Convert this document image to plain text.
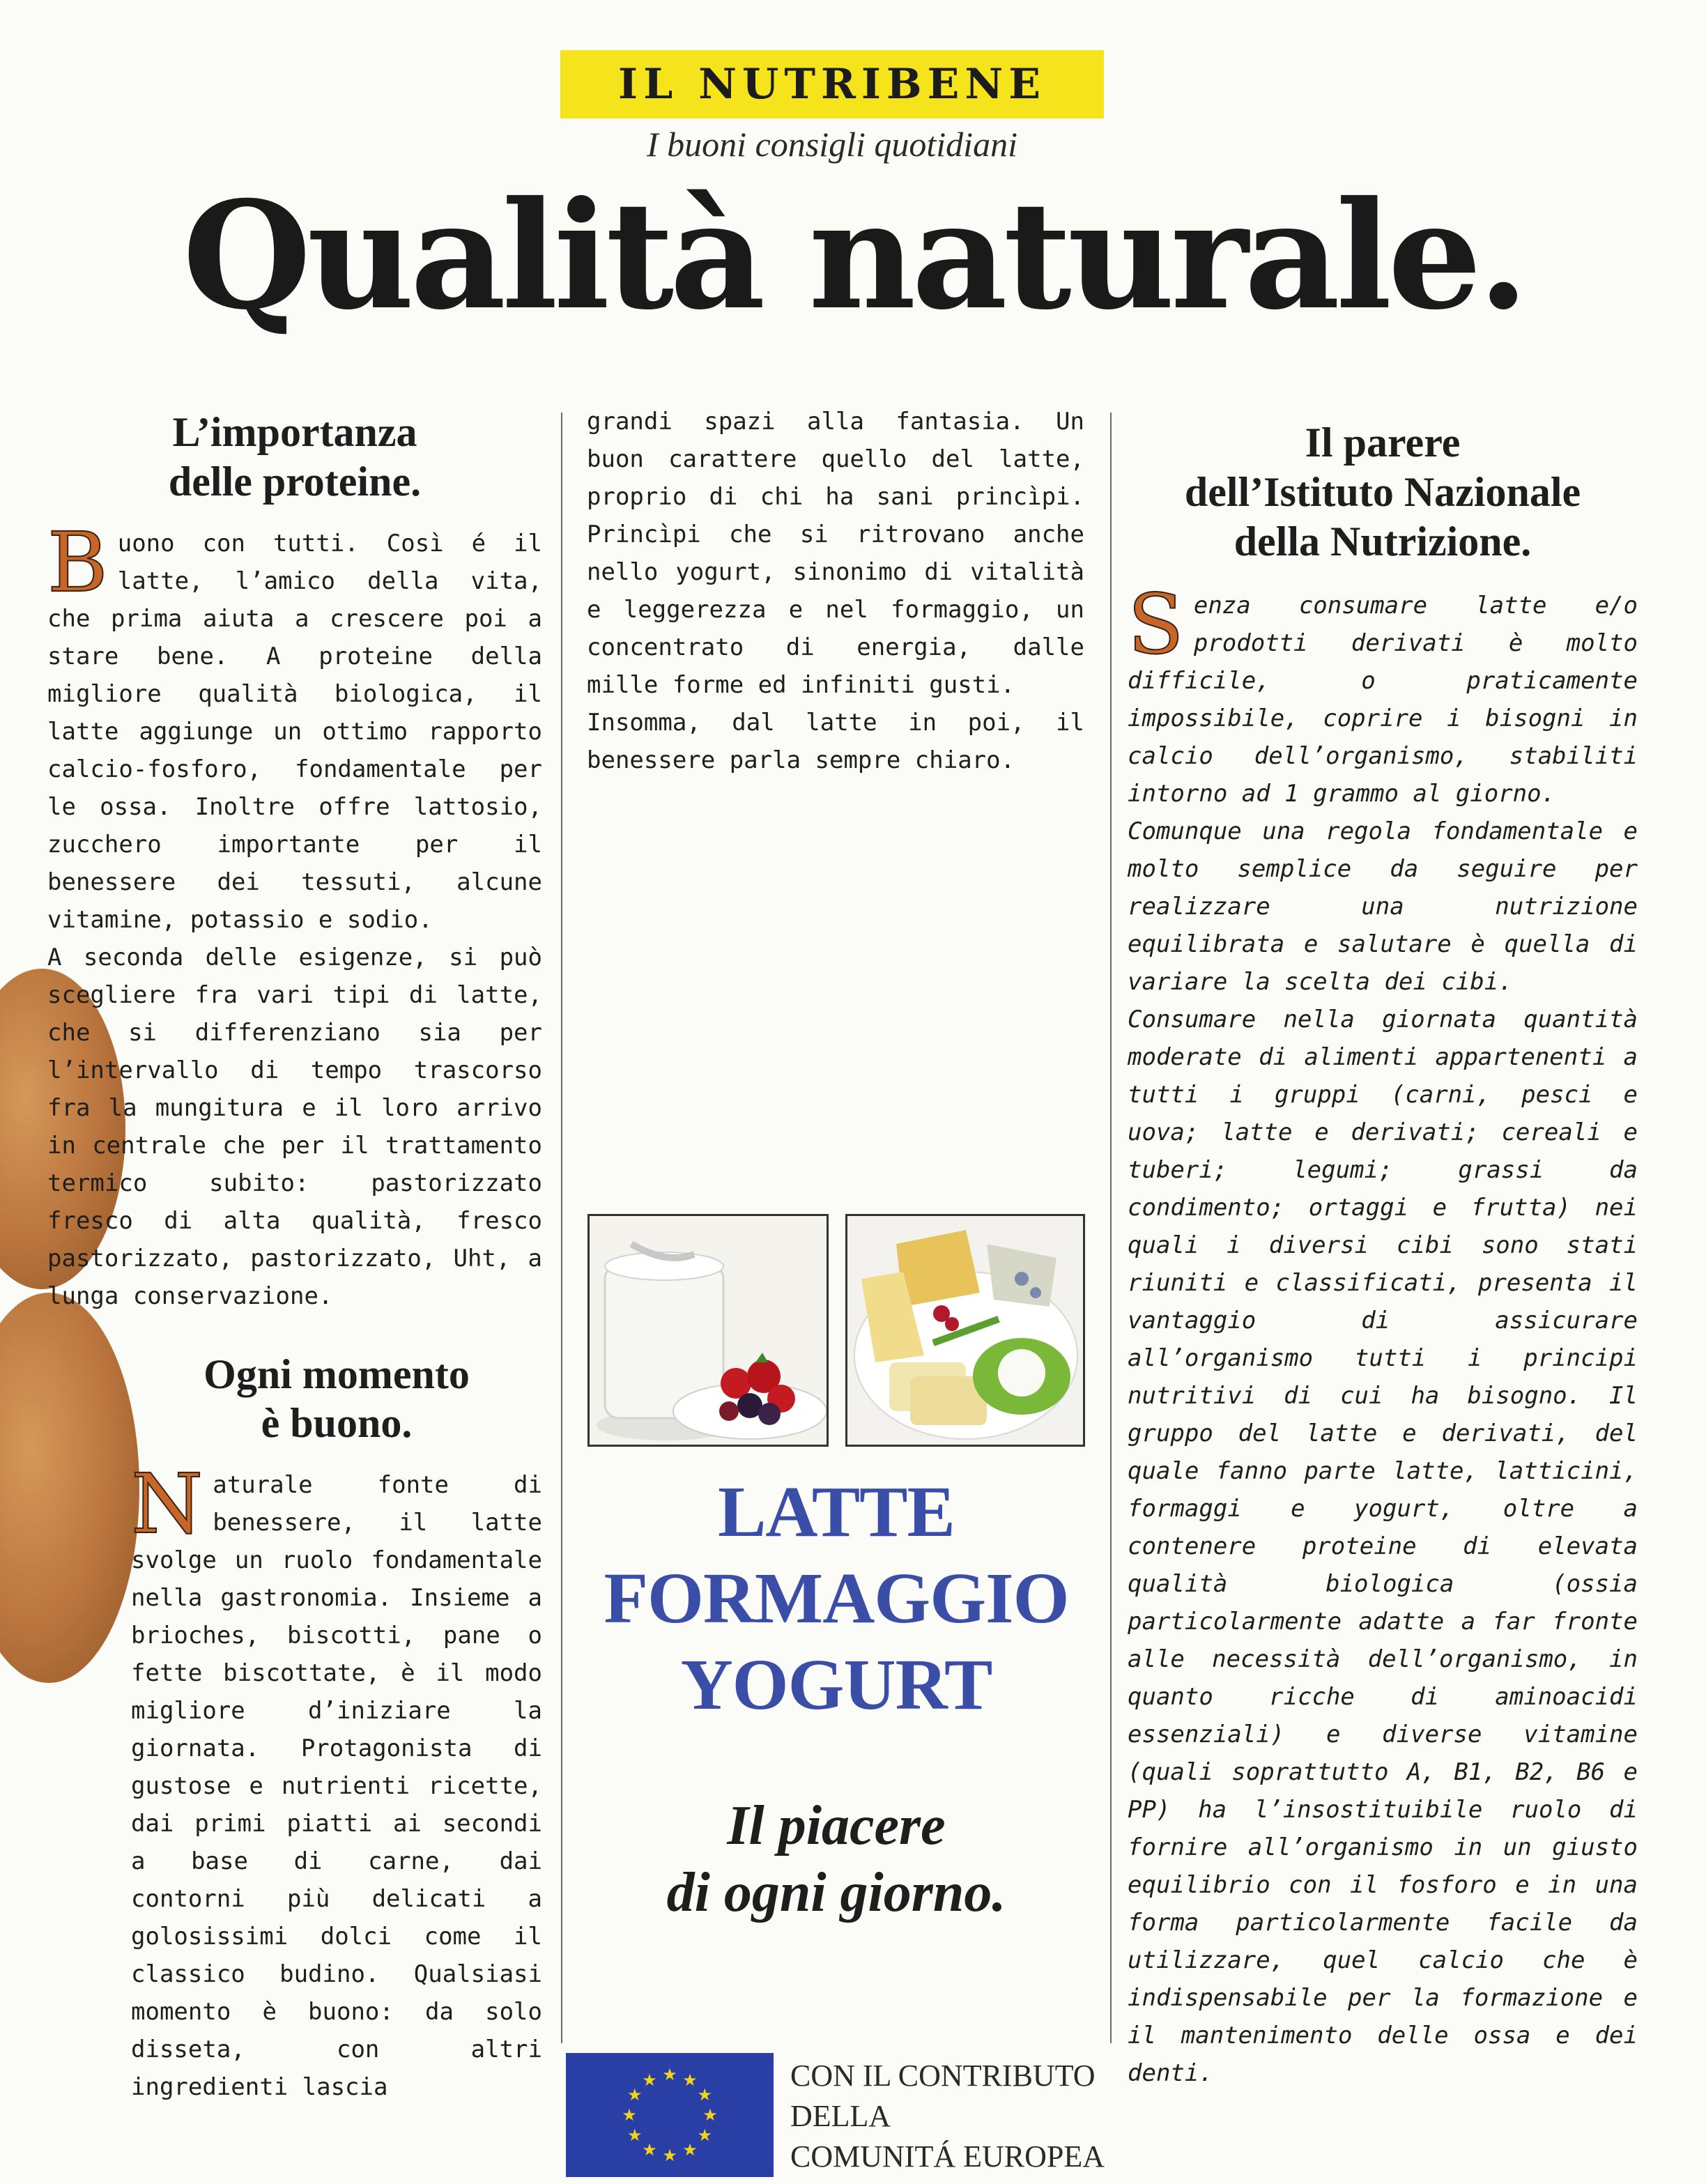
IL NUTRIBENE
I buoni consigli quotidiani
Qualità naturale.
L’importanza
delle proteine.

Buono con tutti. Così é il latte, l’amico della vita, che prima aiuta a crescere poi a stare bene. A proteine della migliore qualità biologica, il latte aggiunge un ottimo rapporto calcio-fosforo, fondamentale per le ossa. Inoltre offre lattosio, zucchero importante per il benessere dei tessuti, alcune vitamine, potassio e sodio.

A seconda delle esigenze, si può scegliere fra vari tipi di latte, che si differenziano sia per l’intervallo di tempo trascorso fra la mungitura e il loro arrivo in centrale che per il trattamento termico subito: pastorizzato fresco di alta qualità, fresco pastorizzato, pastorizzato, Uht, a lunga conservazione.

Ogni momento
è buono.

Naturale fonte di benessere, il latte svolge un ruolo fondamentale nella gastronomia. Insieme a brioches, biscotti, pane o fette biscottate, è il modo migliore d’iniziare la giornata. Protagonista di gustose e nutrienti ricette, dai primi piatti ai secondi a base di carne, dai contorni più delicati a golosissimi dolci come il classico budino. Qualsiasi momento è buono: da solo disseta, con altri ingredienti lascia

grandi spazi alla fantasia. Un buon carattere quello del latte, proprio di chi ha sani princìpi. Princìpi che si ritrovano anche nello yogurt, sinonimo di vitalità e leggerezza e nel formaggio, un concentrato di energia, dalle mille forme ed infiniti gusti.

Insomma, dal latte in poi, il benessere parla sempre chiaro.

LATTE
FORMAGGIO
YOGURT
Il piacere
di ogni giorno.
Il parere
dell’Istituto Nazionale
della Nutrizione.

Senza consumare latte e/o prodotti derivati è molto difficile, o praticamente impossibile, coprire i bisogni in calcio dell’organismo, stabiliti intorno ad 1 grammo al giorno.

Comunque una regola fondamentale e molto semplice da seguire per realizzare una nutrizione equilibrata e salutare è quella di variare la scelta dei cibi.

Consumare nella giornata quantità moderate di alimenti appartenenti a tutti i gruppi (carni, pesci e uova; latte e derivati; cereali e tuberi; legumi; grassi da condimento; ortaggi e frutta) nei quali i diversi cibi sono stati riuniti e classificati, presenta il vantaggio di assicurare all’organismo tutti i principi nutritivi di cui ha bisogno. Il gruppo del latte e derivati, del quale fanno parte latte, latticini, formaggi e yogurt, oltre a contenere proteine di elevata qualità biologica (ossia particolarmente adatte a far fronte alle necessità dell’organismo, in quanto ricche di aminoacidi essenziali) e diverse vitamine (quali soprattutto A, B1, B2, B6 e PP) ha l’insostituibile ruolo di fornire all’organismo in un giusto equilibrio con il fosforo e in una forma particolarmente facile da utilizzare, quel calcio che è indispensabile per la formazione e il mantenimento delle ossa e dei denti.

★ ★
★
★
★
★
★
★
★
★
★
★	CON IL CONTRIBUTO
DELLA
COMUNITÁ EUROPEA
